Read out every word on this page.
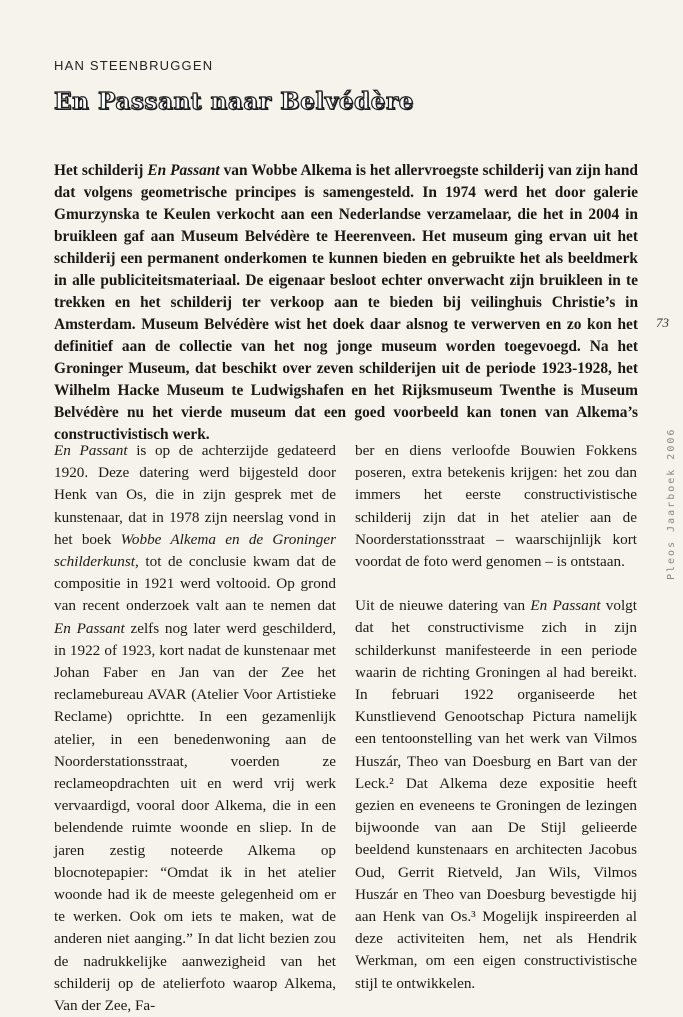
HAN STEENBRUGGEN
En Passant naar Belvédère

Het schilderij En Passant van Wobbe Alkema is het allervroegste schilderij van zijn hand dat volgens geometrische principes is samengesteld. In 1974 werd het door galerie Gmurzynska te Keulen verkocht aan een Nederlandse verzamelaar, die het in 2004 in bruikleen gaf aan Museum Belvédère te Heerenveen. Het museum ging ervan uit het schilderij een permanent onderkomen te kunnen bieden en gebruikte het als beeldmerk in alle publiciteitsmateriaal. De eigenaar besloot echter onverwacht zijn bruikleen in te trekken en het schilderij ter verkoop aan te bieden bij veilinghuis Christie’s in Amsterdam. Museum Belvédère wist het doek daar alsnog te verwerven en zo kon het definitief aan de collectie van het nog jonge museum worden toegevoegd. Na het Groninger Museum, dat beschikt over zeven schilderijen uit de periode 1923-1928, het Wilhelm Hacke Museum te Ludwigshafen en het Rijksmuseum Twenthe is Museum Belvédère nu het vierde museum dat een goed voorbeeld kan tonen van Alkema’s constructivistisch werk.

En Passant is op de achterzijde gedateerd 1920. Deze datering werd bijgesteld door Henk van Os, die in zijn gesprek met de kunstenaar, dat in 1978 zijn neerslag vond in het boek Wobbe Alkema en de Groninger schilderkunst, tot de conclusie kwam dat de compositie in 1921 werd voltooid. Op grond van recent onderzoek valt aan te nemen dat En Passant zelfs nog later werd geschilderd, in 1922 of 1923, kort nadat de kunstenaar met Johan Faber en Jan van der Zee het reclamebureau AVAR (Atelier Voor Artistieke Reclame) oprichtte. In een gezamenlijk atelier, in een benedenwoning aan de Noorderstationsstraat, voerden ze reclameopdrachten uit en werd vrij werk vervaardigd, vooral door Alkema, die in een belendende ruimte woonde en sliep. In de jaren zestig noteerde Alkema op blocnotepapier: “Omdat ik in het atelier woonde had ik de meeste gelegenheid om er te werken. Ook om iets te maken, wat de anderen niet aanging.” In dat licht bezien zou de nadrukkelijke aanwezigheid van het schilderij op de atelierfoto waarop Alkema, Van der Zee, Fa-

ber en diens verloofde Bouwien Fokkens poseren, extra betekenis krijgen: het zou dan immers het eerste constructivistische schilderij zijn dat in het atelier aan de Noorderstationsstraat – waarschijnlijk kort voordat de foto werd genomen – is ontstaan.

Uit de nieuwe datering van En Passant volgt dat het constructivisme zich in zijn schilderkunst manifesteerde in een periode waarin de richting Groningen al had bereikt. In februari 1922 organiseerde het Kunstlievend Genootschap Pictura namelijk een tentoonstelling van het werk van Vilmos Huszár, Theo van Doesburg en Bart van der Leck.² Dat Alkema deze expositie heeft gezien en eveneens te Groningen de lezingen bijwoonde van aan De Stijl gelieerde beeldend kunstenaars en architecten Jacobus Oud, Gerrit Rietveld, Jan Wils, Vilmos Huszár en Theo van Doesburg bevestigde hij aan Henk van Os.³ Mogelijk inspireerden al deze activiteiten hem, net als Hendrik Werkman, om een eigen constructivistische stijl te ontwikkelen.

73
Pleos Jaarboek 2006
